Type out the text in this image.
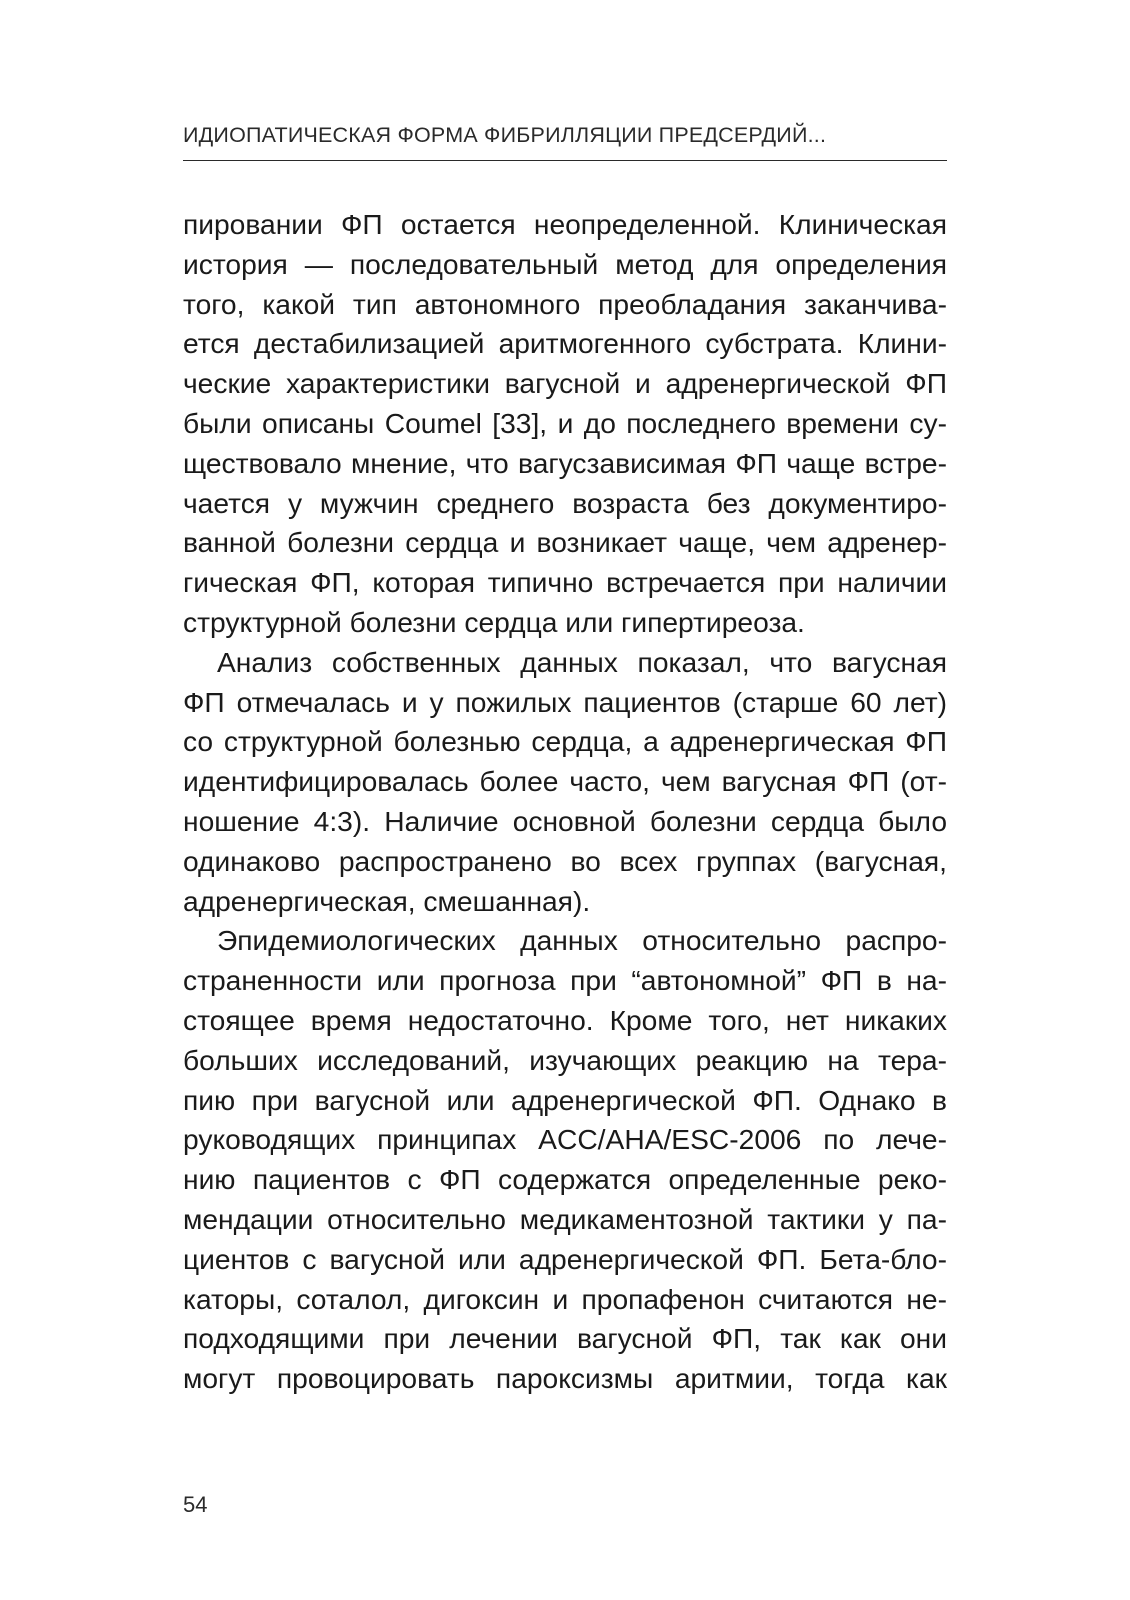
ИДИОПАТИЧЕСКАЯ ФОРМА ФИБРИЛЛЯЦИИ ПРЕДСЕРДИЙ...

пировании ФП остается неопределенной. Клиническая
история — последовательный метод для определения
того, какой тип автономного преобладания заканчива-
ется дестабилизацией аритмогенного субстрата. Клини-
ческие характеристики вагусной и адренергической ФП
были описаны Coumel [33], и до последнего времени су-
ществовало мнение, что вагусзависимая ФП чаще встре-
чается у мужчин среднего возраста без документиро-
ванной болезни сердца и возникает чаще, чем адренер-
гическая ФП, которая типично встречается при наличии
структурной болезни сердца или гипертиреоза.

Анализ собственных данных показал, что вагусная
ФП отмечалась и у пожилых пациентов (старше 60 лет)
со структурной болезнью сердца, а адренергическая ФП
идентифицировалась более часто, чем вагусная ФП (от-
ношение 4:3). Наличие основной болезни сердца было
одинаково распространено во всех группах (вагусная,
адренергическая, смешанная).

Эпидемиологических данных относительно распро-
страненности или прогноза при “автономной” ФП в на-
стоящее время недостаточно. Кроме того, нет никаких
больших исследований, изучающих реакцию на тера-
пию при вагусной или адренергической ФП. Однако в
руководящих принципах ACC/AHA/ESC-2006 по лече-
нию пациентов с ФП содержатся определенные реко-
мендации относительно медикаментозной тактики у па-
циентов с вагусной или адренергической ФП. Бета-бло-
каторы, соталол, дигоксин и пропафенон считаются не-
подходящими при лечении вагусной ФП, так как они
могут провоцировать пароксизмы аритмии, тогда как

54
